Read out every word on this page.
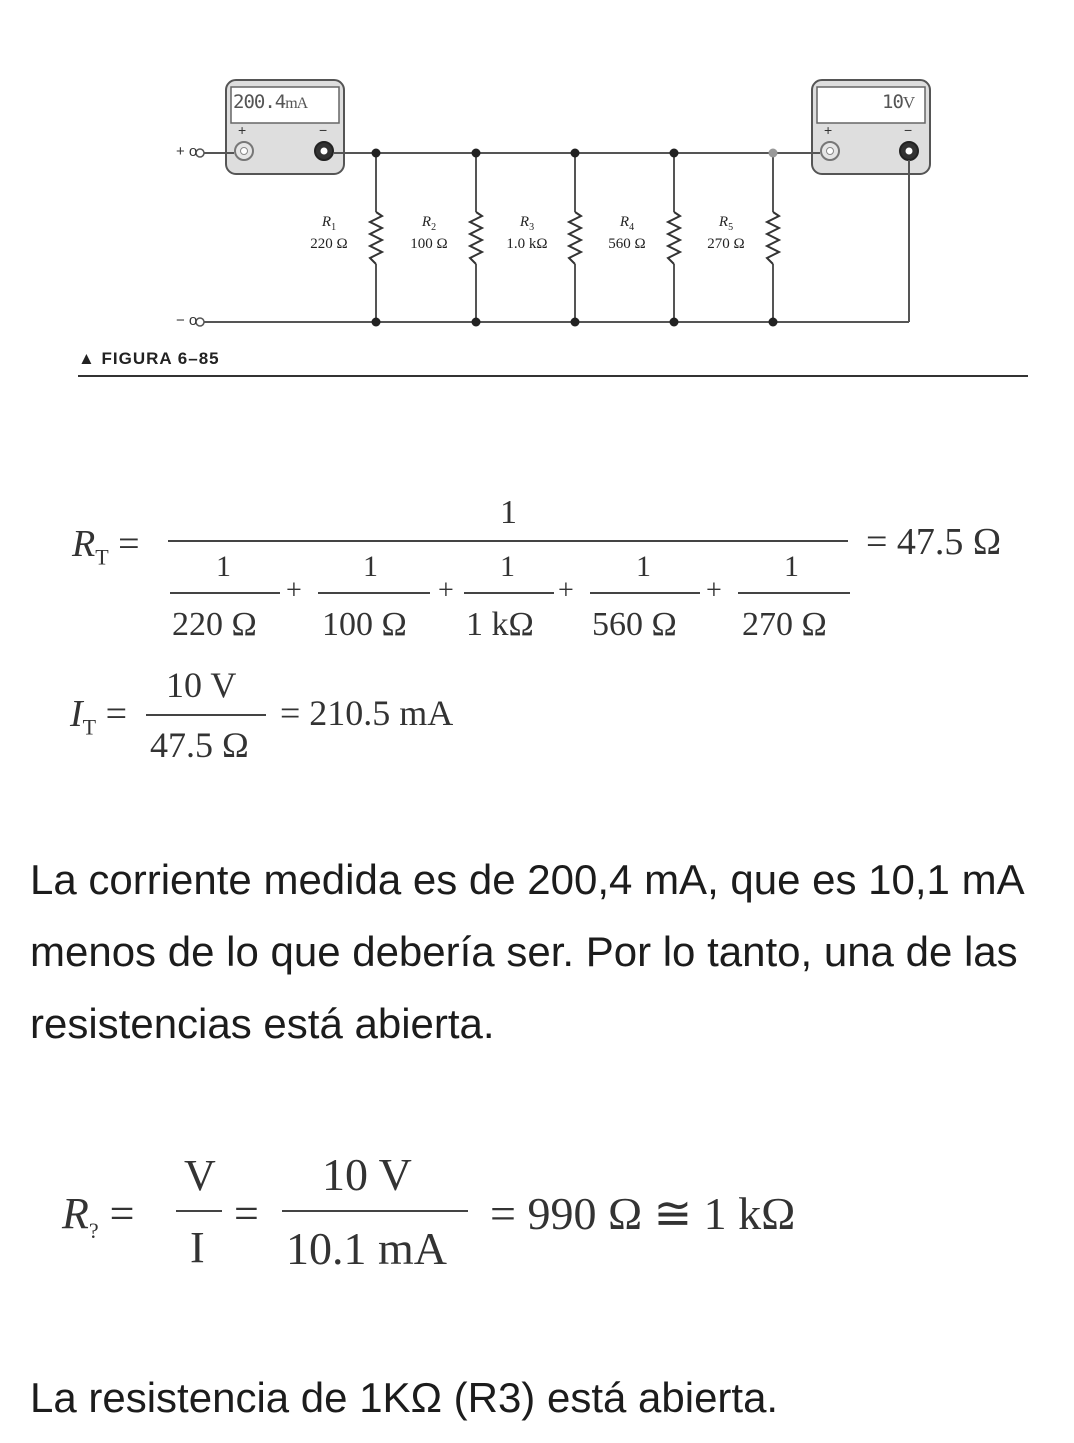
200.4mA	10V
+	−	+	−
+ o
− o
$R_1$
220 Ω
$R_2$
100 Ω
$R_3$
1.0 kΩ
$R_4$
560 Ω
$R_5$
270 Ω
▲ FIGURA 6–85
$R_T$ =
1
= 47.5 Ω
1
220 Ω
+
1
100 Ω
+
1
1 kΩ
+
1
560 Ω
+
1
270 Ω
$I_T$ =
10 V
47.5 Ω
= 210.5 mA
La corriente medida es de 200,4 mA, que es 10,1 mA menos de lo que debería ser. Por lo tanto, una de las resistencias está abierta.
$R_?$ =
V
I
=
10 V
10.1 mA
= 990 Ω ≅ 1 kΩ
La resistencia de 1KΩ (R3) está abierta.
